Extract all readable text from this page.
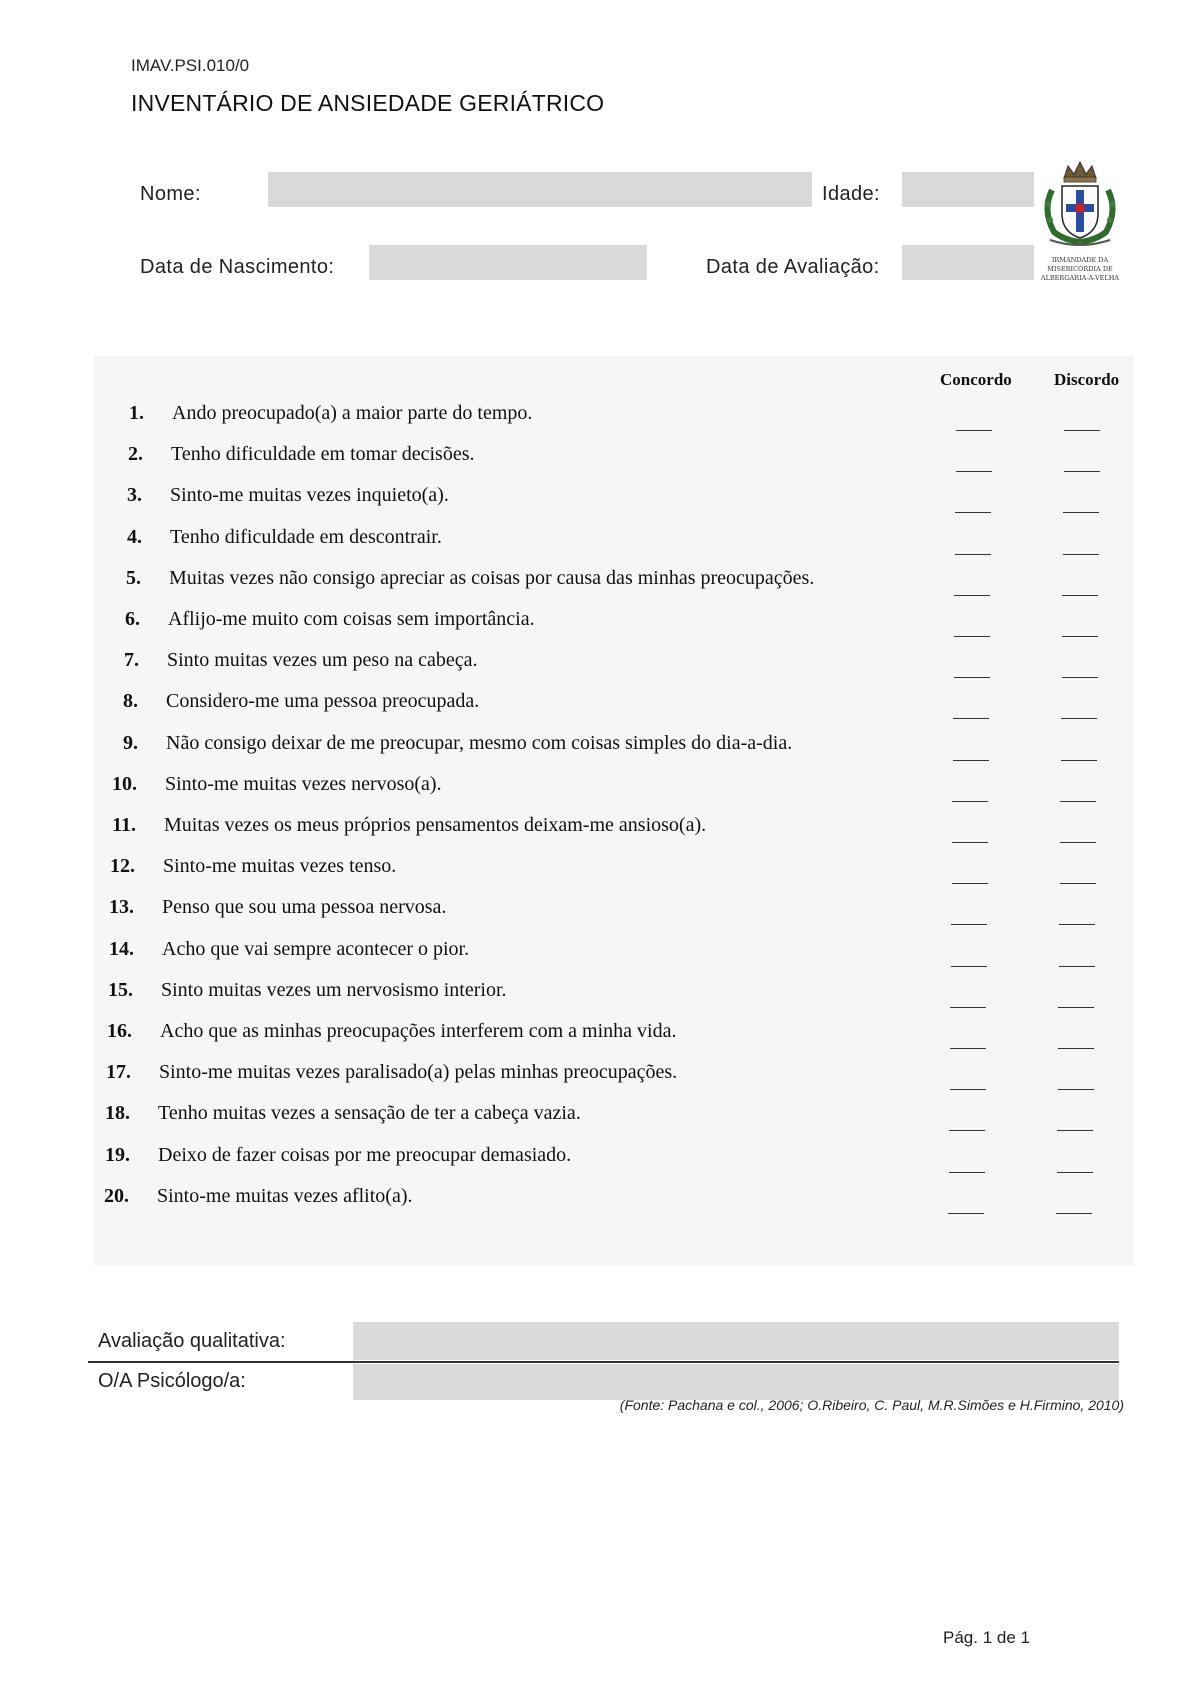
IMAV.PSI.010/0
INVENTÁRIO DE ANSIEDADE GERIÁTRICO
Nome:	Idade:
Data de Nascimento:	Data de Avaliação:	IRMANDADE DA
MISERICÓRDIA DE
ALBERGARIA-A-VELHA
Concordo Discordo
1. Ando preocupado(a) a maior parte do tempo.
2. Tenho dificuldade em tomar decisões.
3. Sinto-me muitas vezes inquieto(a).
4. Tenho dificuldade em descontrair.
5. Muitas vezes não consigo apreciar as coisas por causa das minhas preocupações.
6. Aflijo-me muito com coisas sem importância.
7. Sinto muitas vezes um peso na cabeça.
8. Considero-me uma pessoa preocupada.
9. Não consigo deixar de me preocupar, mesmo com coisas simples do dia-a-dia.
10. Sinto-me muitas vezes nervoso(a).
11. Muitas vezes os meus próprios pensamentos deixam-me ansioso(a).
12. Sinto-me muitas vezes tenso.
13. Penso que sou uma pessoa nervosa.
14. Acho que vai sempre acontecer o pior.
15. Sinto muitas vezes um nervosismo interior.
16. Acho que as minhas preocupações interferem com a minha vida.
17. Sinto-me muitas vezes paralisado(a) pelas minhas preocupações.
18. Tenho muitas vezes a sensação de ter a cabeça vazia.
19. Deixo de fazer coisas por me preocupar demasiado.
20. Sinto-me muitas vezes aflito(a).
Avaliação qualitativa:
O/A Psicólogo/a:
(Fonte: Pachana e col., 2006; O.Ribeiro, C. Paul, M.R.Simões e H.Firmino, 2010)
Pág. 1 de 1
